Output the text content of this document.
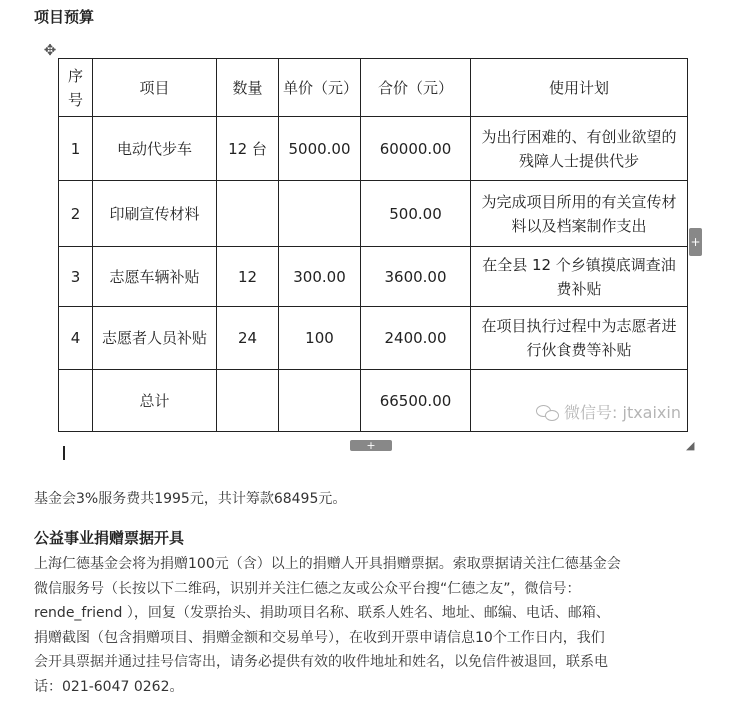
项目预算
✥
序号	项目	数量	单价（元）	合价（元）	使用计划
1	电动代步车	12 台	5000.00	60000.00	为出行困难的、有创业欲望的残障人士提供代步
2	印刷宣传材料			500.00	为完成项目所用的有关宣传材料以及档案制作支出
3	志愿车辆补贴	12	300.00	3600.00	在全县 12 个乡镇摸底调查油费补贴
4	志愿者人员补贴	24	100	2400.00	在项目执行过程中为志愿者进行伙食费等补贴
	总计			66500.00	微信号: jtxaixin
+
+	◢
基金会3%服务费共1995元，共计筹款68495元。
公益事业捐赠票据开具
上海仁德基金会将为捐赠100元（含）以上的捐赠人开具捐赠票据。索取票据请关注仁德基金会
微信服务号（长按以下二维码，识别并关注仁德之友或公众平台搜“仁德之友”，微信号：
rende_friend ），回复（发票抬头、捐助项目名称、联系人姓名、地址、邮编、电话、邮箱、
捐赠截图（包含捐赠项目、捐赠金额和交易单号），在收到开票申请信息10个工作日内，我们
会开具票据并通过挂号信寄出，请务必提供有效的收件地址和姓名，以免信件被退回，联系电
话：021-6047 0262。
